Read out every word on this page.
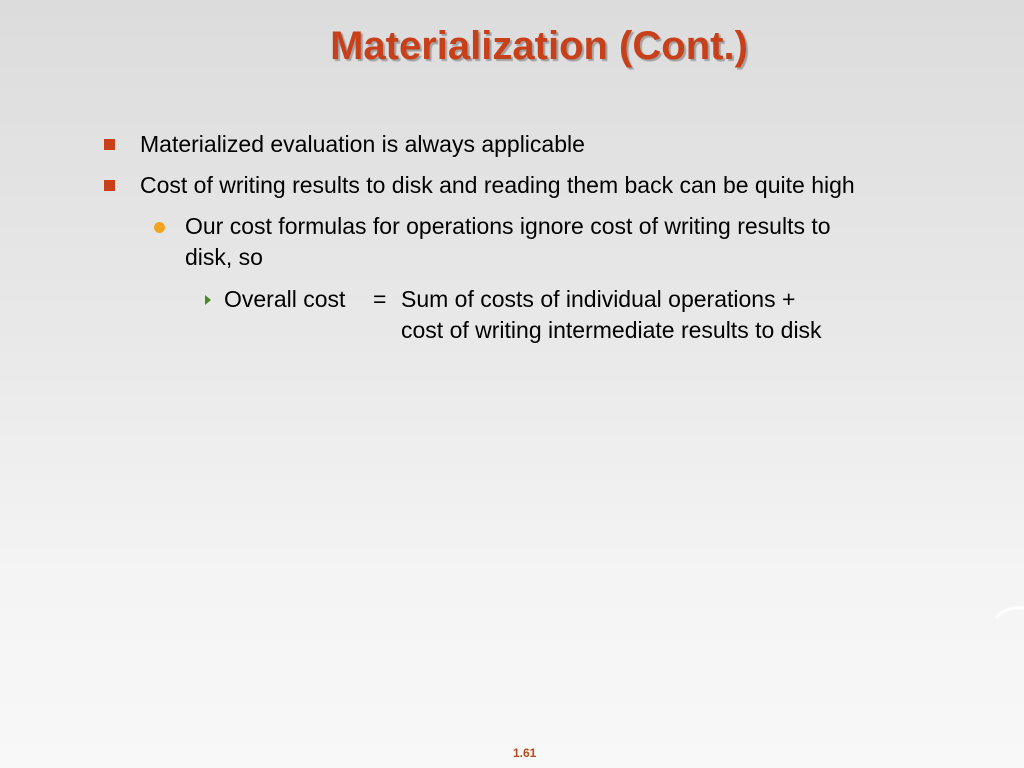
Materialization (Cont.)
Materialized evaluation is always applicable
Cost of writing results to disk and reading them back can be quite high
Our cost formulas for operations ignore cost of writing results to
disk, so
Overall cost = Sum of costs of individual operations +
cost of writing intermediate results to disk
1.61
